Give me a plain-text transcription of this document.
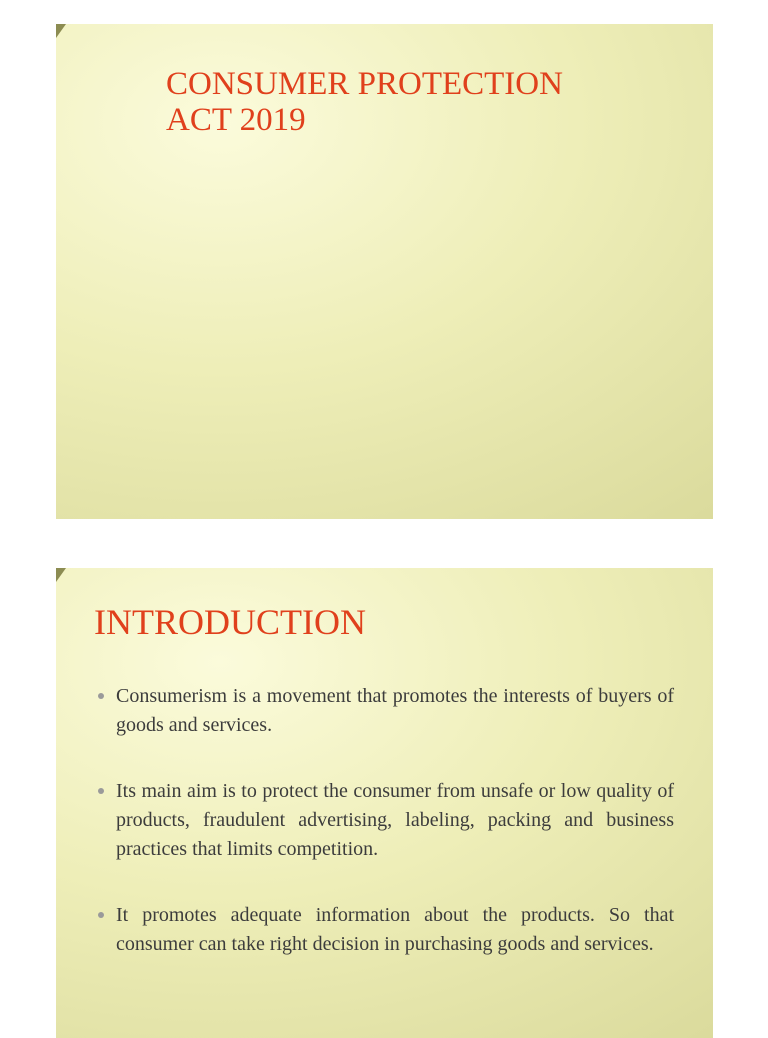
CONSUMER PROTECTION
ACT 2019
INTRODUCTION
Consumerism is a movement that promotes the interests of buyers of goods and services.
Its main aim is to protect the consumer from unsafe or low quality of products, fraudulent advertising, labeling, packing and business practices that limits competition.
It promotes adequate information about the products. So that consumer can take right decision in purchasing goods and services.
